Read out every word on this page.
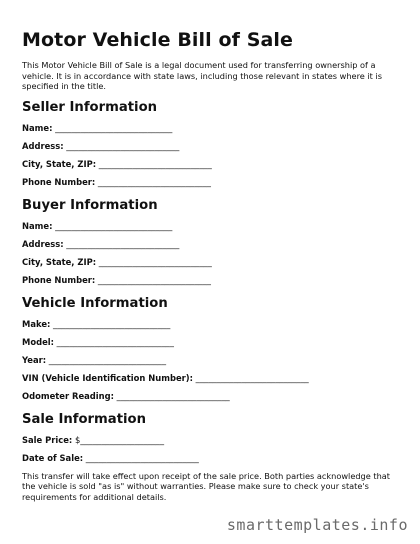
Motor Vehicle Bill of Sale

This Motor Vehicle Bill of Sale is a legal document used for transferring ownership of a vehicle. It is in accordance with state laws, including those relevant in states where it is specified in the title.

Seller Information
Name: ____________________________
Address: ___________________________
City, State, ZIP: ___________________________
Phone Number: ___________________________
Buyer Information
Name: ____________________________
Address: ___________________________
City, State, ZIP: ___________________________
Phone Number: ___________________________
Vehicle Information
Make: ____________________________
Model: ____________________________
Year: ____________________________
VIN (Vehicle Identification Number): ___________________________
Odometer Reading: ___________________________
Sale Information
Sale Price: $____________________
Date of Sale: ___________________________

This transfer will take effect upon receipt of the sale price. Both parties acknowledge that the vehicle is sold "as is" without warranties. Please make sure to check your state's requirements for additional details.

smarttemplates.info
